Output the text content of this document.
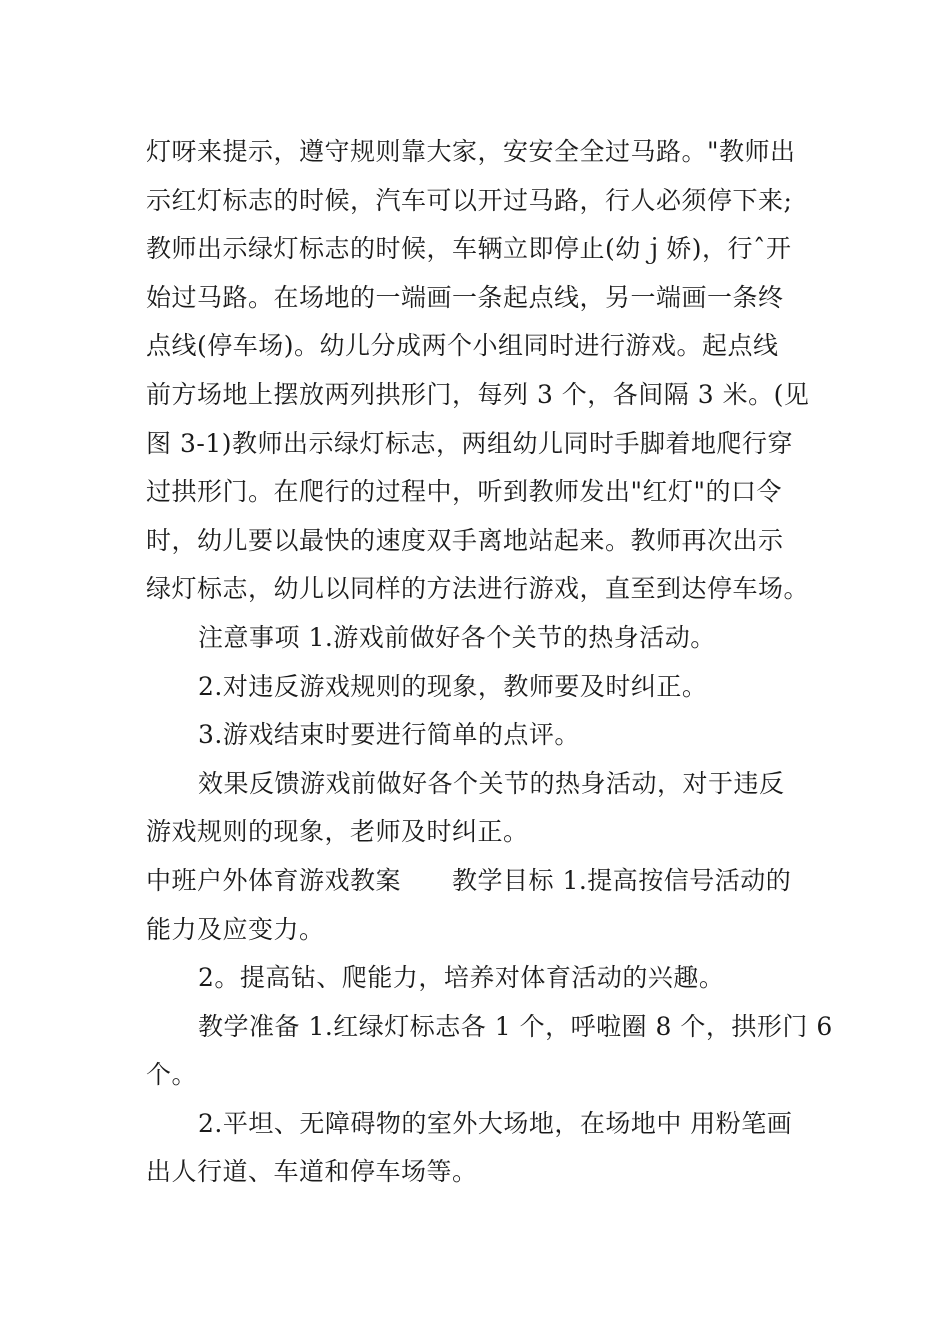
灯呀来提示，遵守规则靠大家，安安全全过马路。"教师出
示红灯标志的时候，汽车可以开过马路，行人必须停下来;
教师出示绿灯标志的时候，车辆立即停止(幼ｊ娇)，行ˆ开
始过马路。在场地的一端画一条起点线，另一端画一条终
点线(停车场)。幼儿分成两个小组同时进行游戏。起点线
前方场地上摆放两列拱形门，每列 3 个，各间隔 3 米。(见
图 3-1)教师出示绿灯标志，两组幼儿同时手脚着地爬行穿
过拱形门。在爬行的过程中，听到教师发出"红灯"的口令
时，幼儿要以最快的速度双手离地站起来。教师再次出示
绿灯标志，幼儿以同样的方法进行游戏，直至到达停车场。
注意事项 1.游戏前做好各个关节的热身活动。
2.对违反游戏规则的现象，教师要及时纠正。
3.游戏结束时要进行简单的点评。
效果反馈游戏前做好各个关节的热身活动，对于违反
游戏规则的现象，老师及时纠正。
中班户外体育游戏教案　　教学目标 1.提高按信号活动的
能力及应变力。
2。提高钻、爬能力，培养对体育活动的兴趣。
教学准备 1.红绿灯标志各 1 个，呼啦圈 8 个，拱形门 6
个。
2.平坦、无障碍物的室外大场地，在场地中 用粉笔画
出人行道、车道和停车场等。
